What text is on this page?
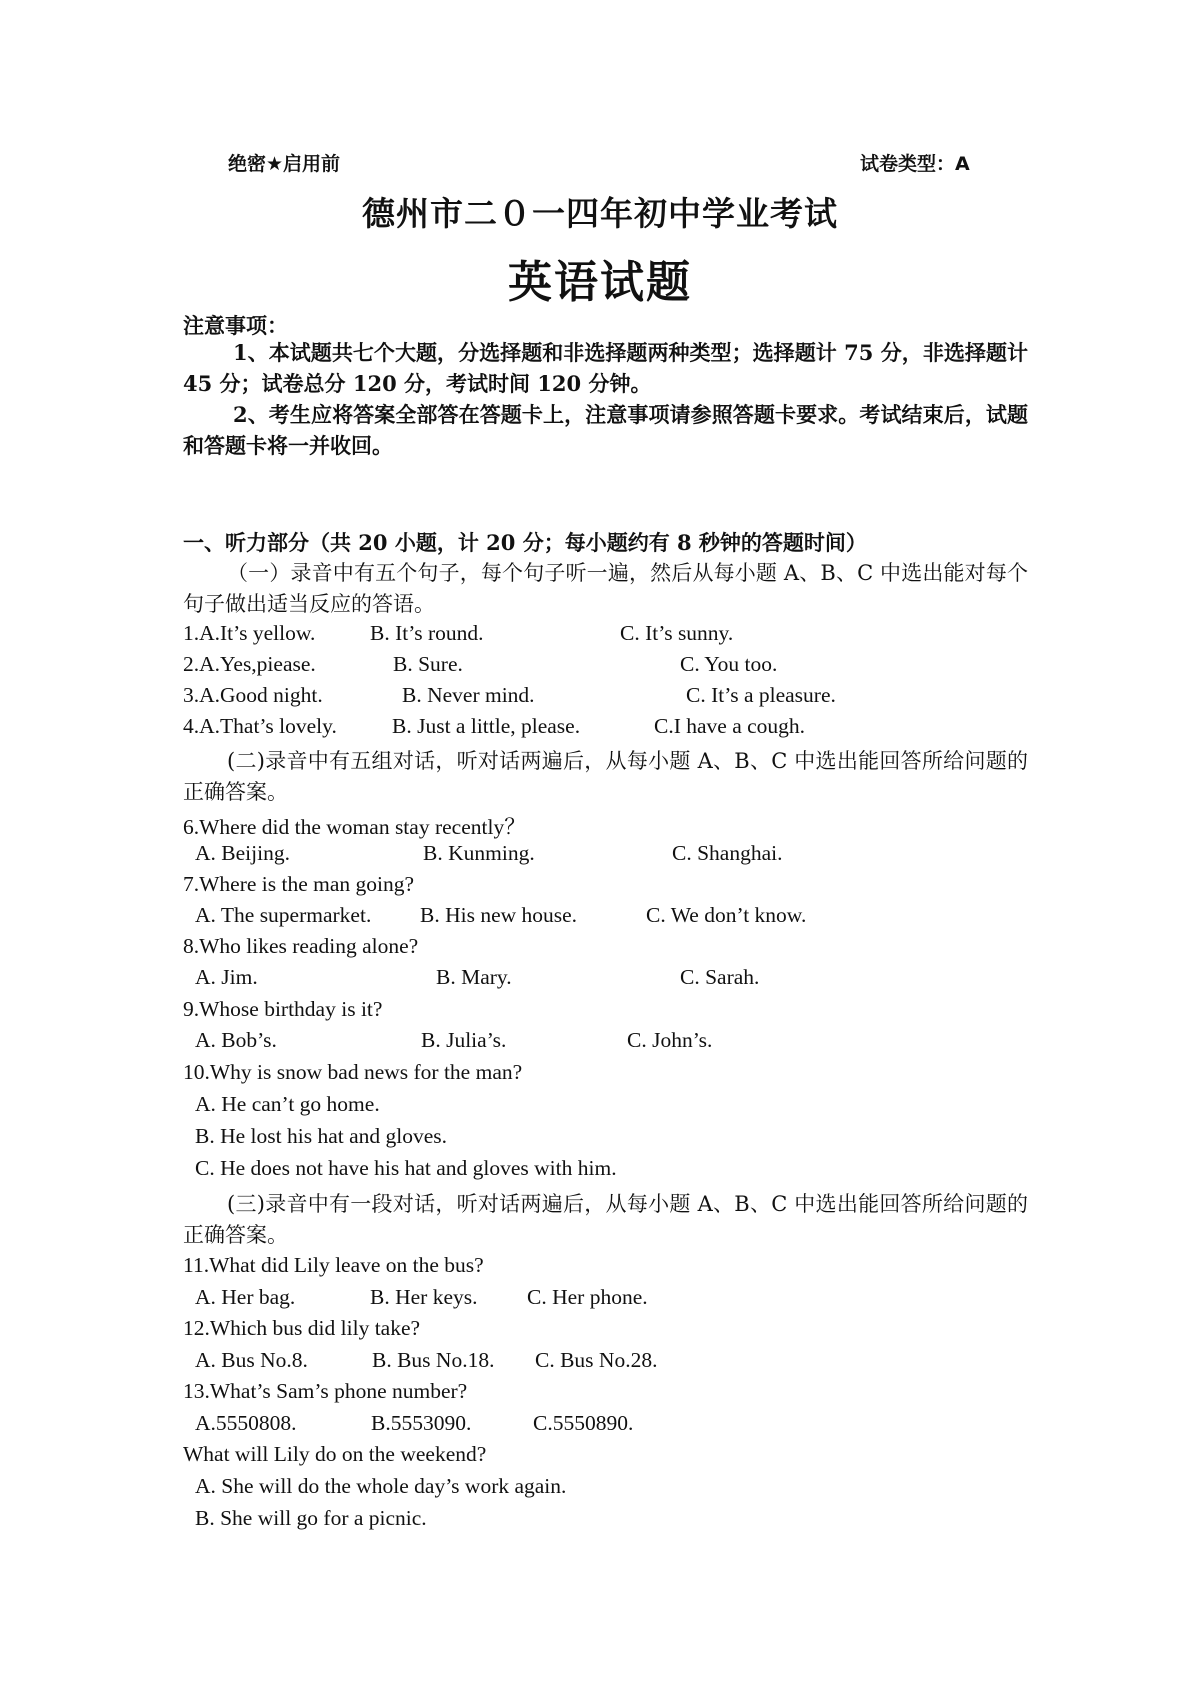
绝密★启用前	试卷类型：A
德州市二０一四年初中学业考试
英语试题
注意事项：
1、本试题共七个大题，分选择题和非选择题两种类型；选择题计 75 分，非选择题计 45 分；试卷总分 120 分，考试时间 120 分钟。
2、考生应将答案全部答在答题卡上，注意事项请参照答题卡要求。考试结束后，试题和答题卡将一并收回。
一、听力部分（共 20 小题，计 20 分；每小题约有 8 秒钟的答题时间）
（一）录音中有五个句子，每个句子听一遍，然后从每小题 A、B、C 中选出能对每个句子做出适当反应的答语。
1.A.It’s yellow.	B. It’s round.	C. It’s sunny.
2.A.Yes,piease.	B. Sure.	C. You too.
3.A.Good night.	B. Never mind.	C. It’s a pleasure.
4.A.That’s lovely.	B. Just a little, please.	C.I have a cough.
(二)录音中有五组对话，听对话两遍后，从每小题 A、B、C 中选出能回答所给问题的正确答案。
6.Where did the woman stay recently？
A. Beijing.	B. Kunming.	C. Shanghai.
7.Where is the man going?
A. The supermarket. B. His new house.	C. We don’t know.
8.Who likes reading alone?
A. Jim.	B. Mary.	C. Sarah.
9.Whose birthday is it?
A. Bob’s.	B. Julia’s.	C. John’s.
10.Why is snow bad news for the man?
A. He can’t go home.
B. He lost his hat and gloves.
C. He does not have his hat and gloves with him.
(三)录音中有一段对话，听对话两遍后，从每小题 A、B、C 中选出能回答所给问题的正确答案。
11.What did Lily leave on the bus?
A. Her bag.	B. Her keys. C. Her phone.
12.Which bus did lily take?
A. Bus No.8.	B. Bus No.18. C. Bus No.28.
13.What’s Sam’s phone number?
A.5550808.	B.5553090.	C.5550890.
What will Lily do on the weekend?
A. She will do the whole day’s work again.
B. She will go for a picnic.
